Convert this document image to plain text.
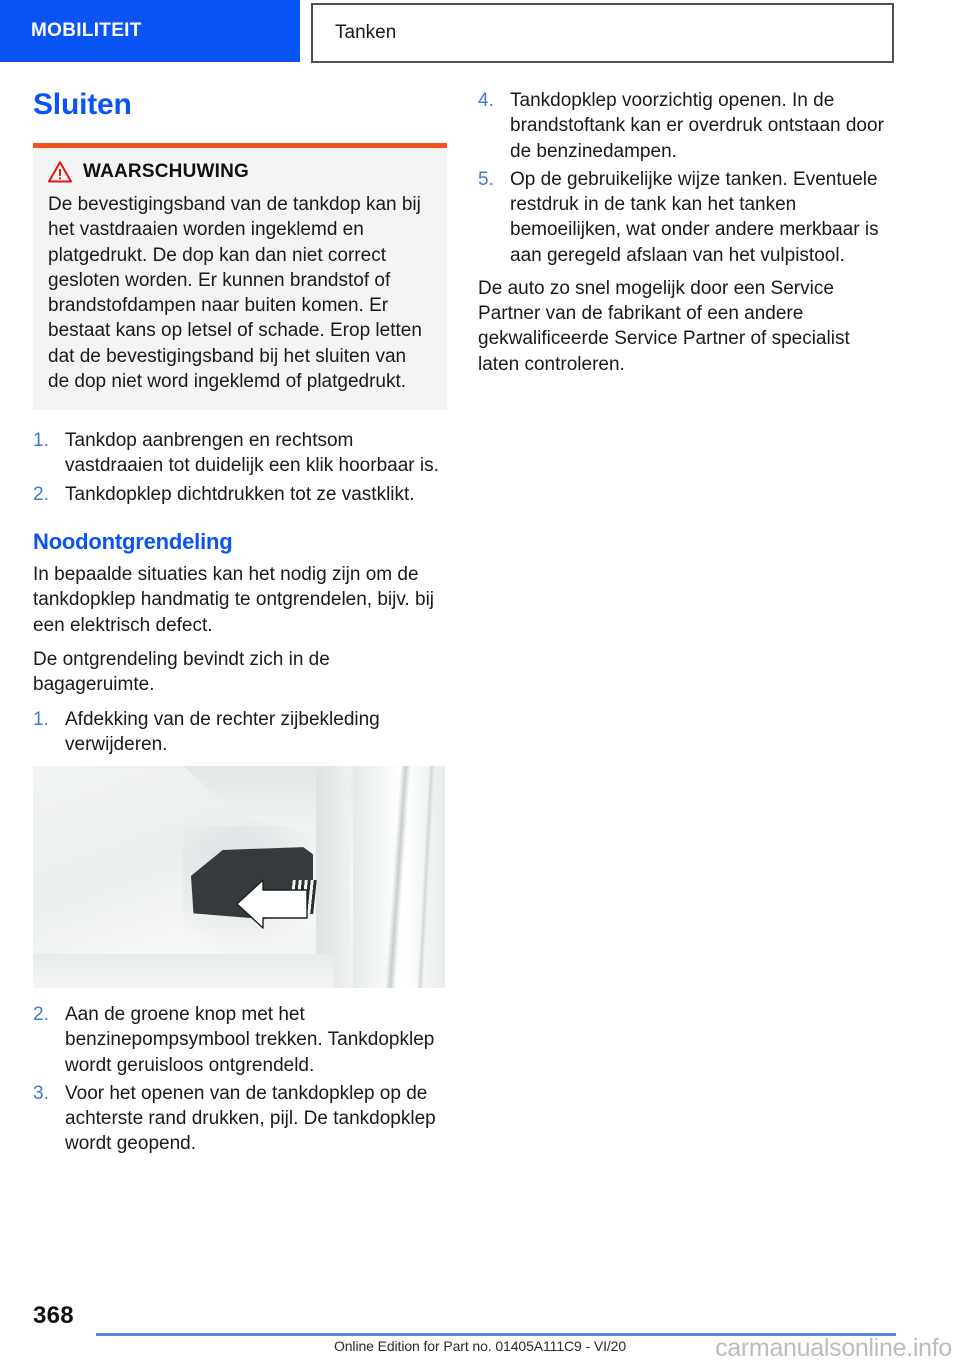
MOBILITEIT	Tanken
Sluiten
WAARSCHUWING
De bevestigingsband van de tankdop kan bij het vastdraaien worden ingeklemd en platgedrukt. De dop kan dan niet correct gesloten worden. Er kunnen brandstof of brandstofdampen naar buiten komen. Er bestaat kans op letsel of schade. Erop letten dat de bevestigingsband bij het sluiten van de dop niet word ingeklemd of platgedrukt.
1. Tankdop aanbrengen en rechtsom vastdraaien tot duidelijk een klik hoorbaar is.
2. Tankdopklep dichtdrukken tot ze vastklikt.
Noodontgrendeling

In bepaalde situaties kan het nodig zijn om de tankdopklep handmatig te ontgrendelen, bijv. bij een elektrisch defect.

De ontgrendeling bevindt zich in de bagageruimte.

1. Afdekking van de rechter zijbekleding verwijderen.
2. Aan de groene knop met het benzinepompsymbool trekken. Tankdopklep wordt geruisloos ontgrendeld.
3. Voor het openen van de tankdopklep op de achterste rand drukken, pijl. De tankdopklep wordt geopend.
4. Tankdopklep voorzichtig openen. In de brandstoftank kan er overdruk ontstaan door de benzinedampen.
5. Op de gebruikelijke wijze tanken. Eventuele restdruk in de tank kan het tanken bemoeilijken, wat onder andere merkbaar is aan geregeld afslaan van het vulpistool.

De auto zo snel mogelijk door een Service Partner van de fabrikant of een andere gekwalificeerde Service Partner of specialist laten controleren.

368
Online Edition for Part no. 01405A111C9 - VI/20	carmanualsonline.info
